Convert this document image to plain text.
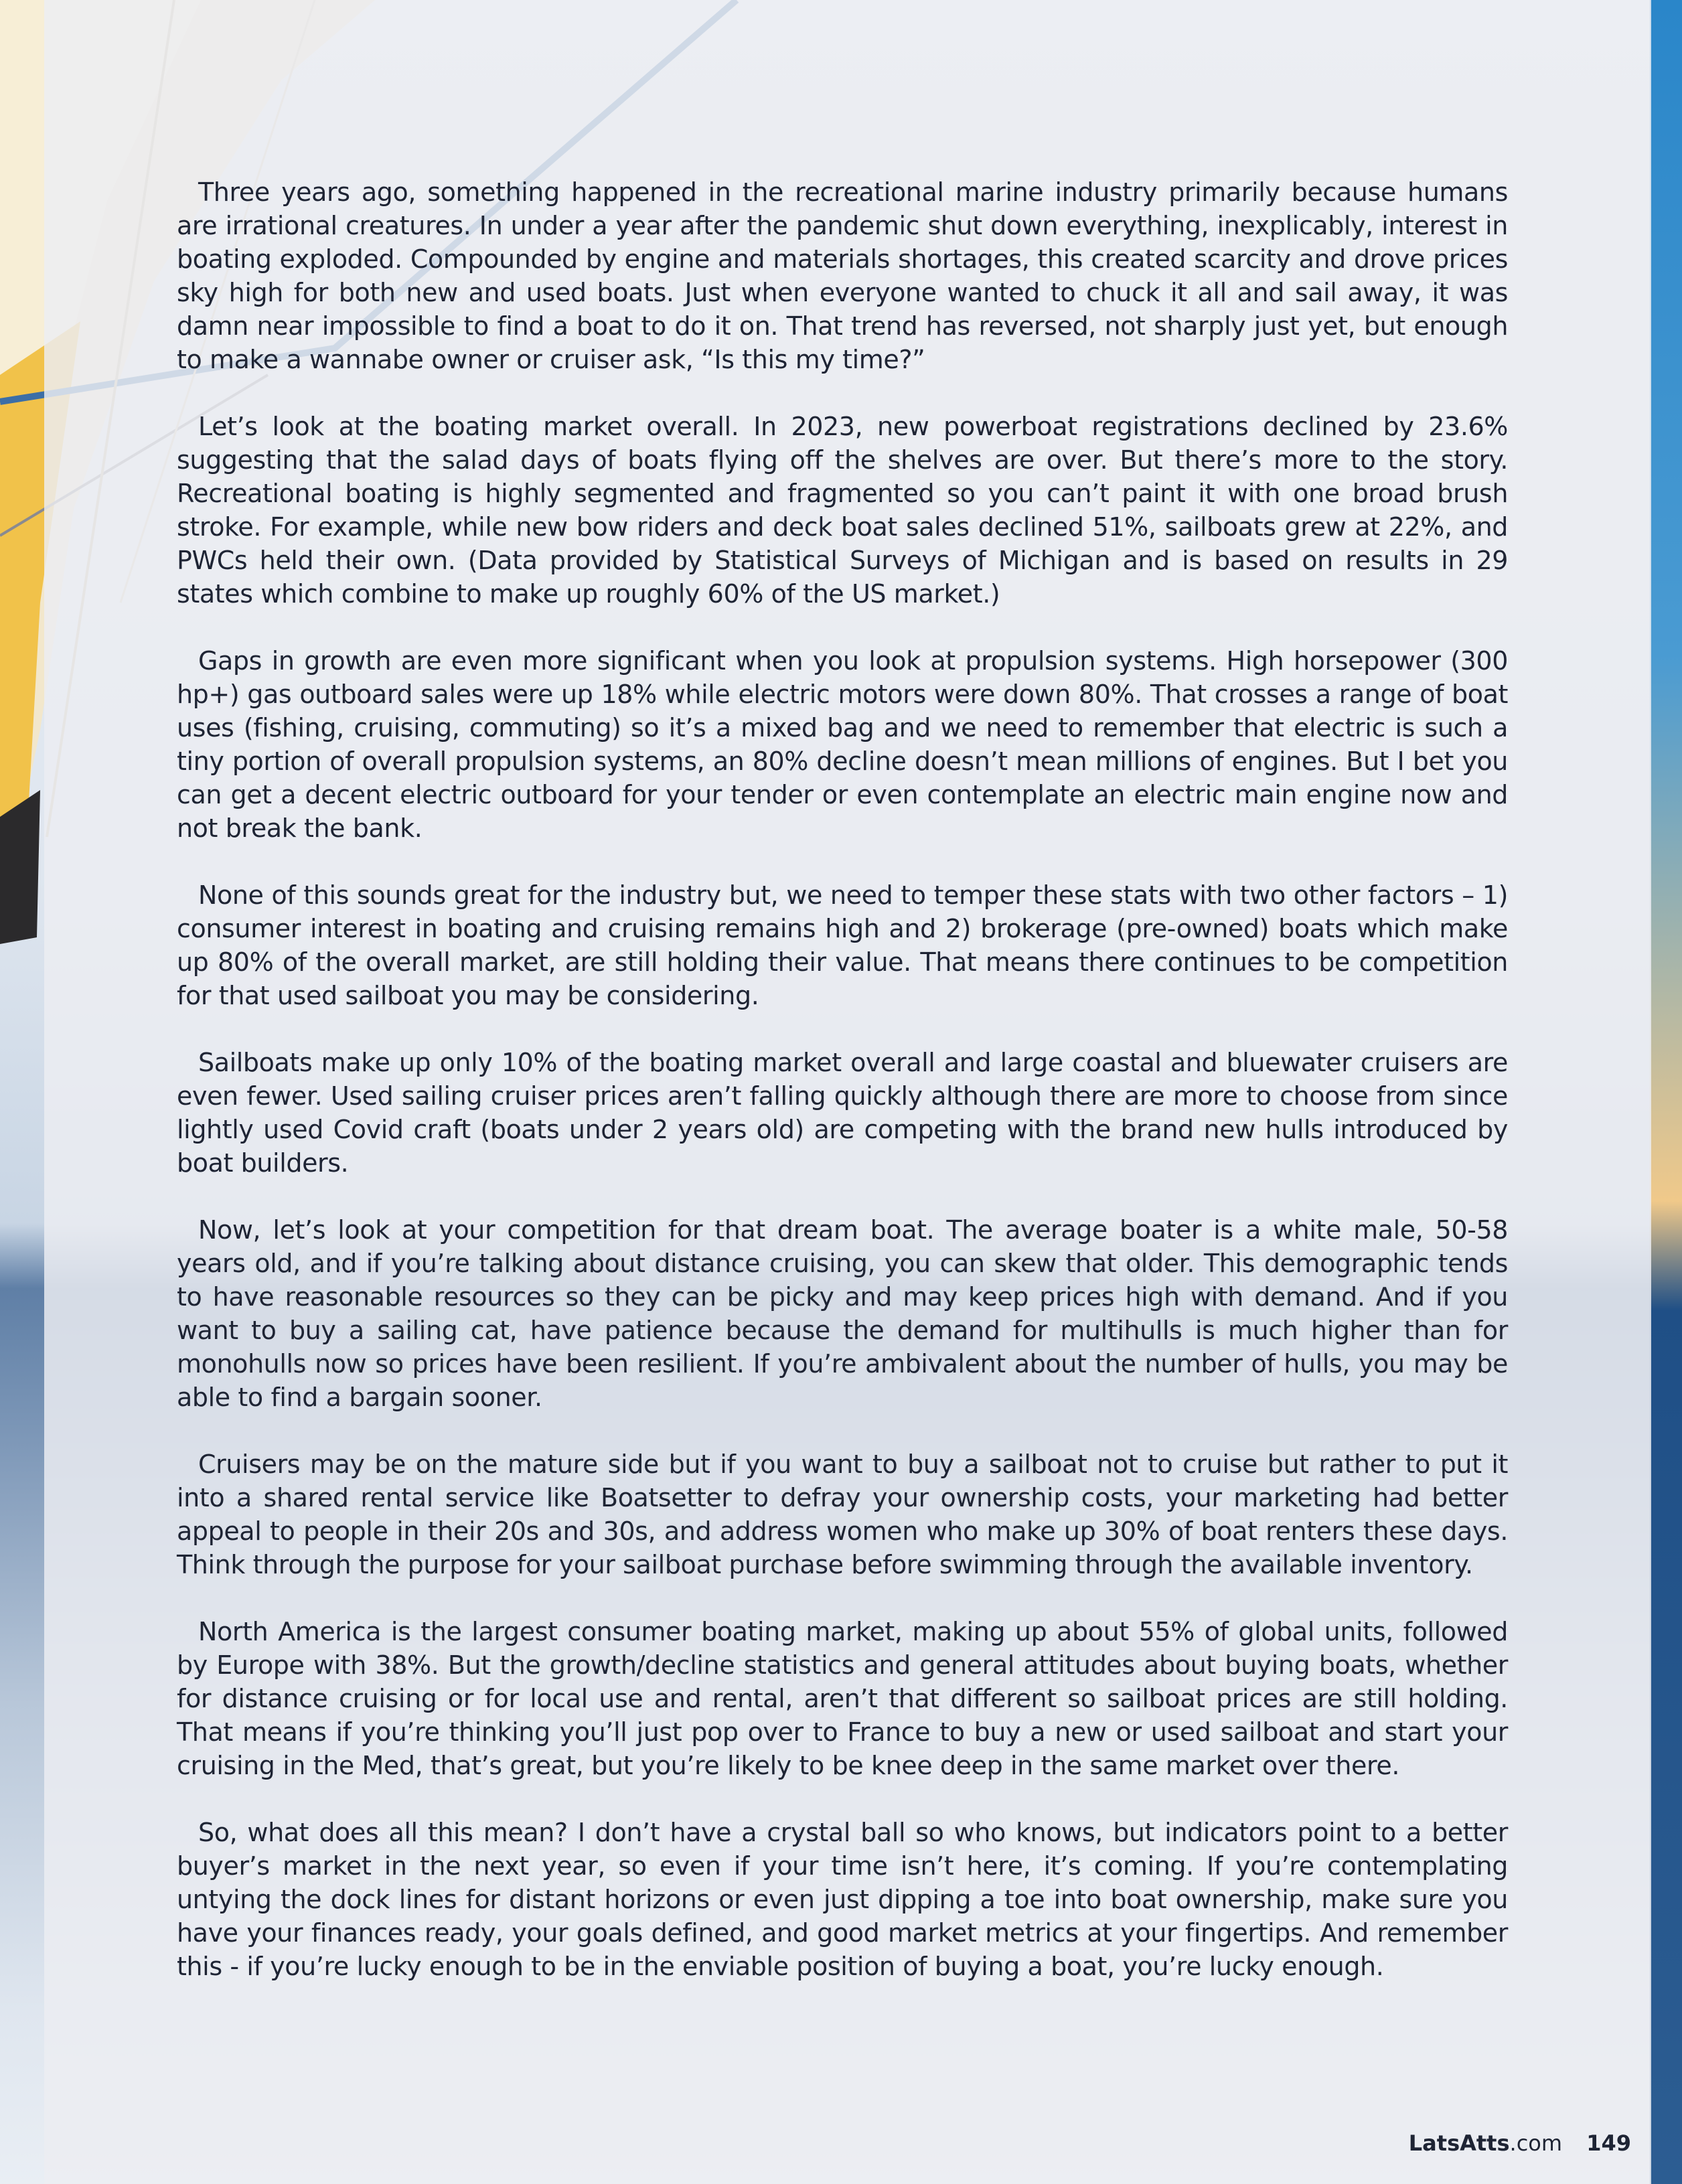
Three years ago, something happened in the recreational marine industry primarily because humans are irrational creatures. In under a year after the pandemic shut down everything, inexplicably, interest in boating exploded. Compounded by engine and materials shortages, this created scarcity and drove prices sky high for both new and used boats. Just when everyone wanted to chuck it all and sail away, it was damn near impossible to find a boat to do it on. That trend has reversed, not sharply just yet, but enough to make a wannabe owner or cruiser ask, “Is this my time?”

Let’s look at the boating market overall. In 2023, new powerboat registrations declined by 23.6% suggesting that the salad days of boats flying off the shelves are over. But there’s more to the story. Recreational boating is highly segmented and fragmented so you can’t paint it with one broad brush stroke. For example, while new bow riders and deck boat sales declined 51%, sailboats grew at 22%, and PWCs held their own. (Data provided by Statistical Surveys of Michigan and is based on results in 29 states which combine to make up roughly 60% of the US market.)

Gaps in growth are even more significant when you look at propulsion systems. High horsepower (300 hp+) gas outboard sales were up 18% while electric motors were down 80%. That crosses a range of boat uses (fishing, cruising, commuting) so it’s a mixed bag and we need to remember that electric is such a tiny portion of overall propulsion systems, an 80% decline doesn’t mean millions of engines. But I bet you can get a decent electric outboard for your tender or even contemplate an electric main engine now and not break the bank.

None of this sounds great for the industry but, we need to temper these stats with two other factors – 1) consumer interest in boating and cruising remains high and 2) brokerage (pre-owned) boats which make up 80% of the overall market, are still holding their value. That means there continues to be competition for that used sailboat you may be considering.

Sailboats make up only 10% of the boating market overall and large coastal and bluewater cruisers are even fewer. Used sailing cruiser prices aren’t falling quickly although there are more to choose from since lightly used Covid craft (boats under 2 years old) are competing with the brand new hulls introduced by boat builders.

Now, let’s look at your competition for that dream boat. The average boater is a white male, 50-58 years old, and if you’re talking about distance cruising, you can skew that older. This demographic tends to have reasonable resources so they can be picky and may keep prices high with demand. And if you want to buy a sailing cat, have patience because the demand for multihulls is much higher than for monohulls now so prices have been resilient. If you’re ambivalent about the number of hulls, you may be able to find a bargain sooner.

Cruisers may be on the mature side but if you want to buy a sailboat not to cruise but rather to put it into a shared rental service like Boatsetter to defray your ownership costs, your marketing had better appeal to people in their 20s and 30s, and address women who make up 30% of boat renters these days. Think through the purpose for your sailboat purchase before swimming through the available inventory.

North America is the largest consumer boating market, making up about 55% of global units, followed by Europe with 38%. But the growth/decline statistics and general attitudes about buying boats, whether for distance cruising or for local use and rental, aren’t that different so sailboat prices are still holding. That means if you’re thinking you’ll just pop over to France to buy a new or used sailboat and start your cruising in the Med, that’s great, but you’re likely to be knee deep in the same market over there.

So, what does all this mean? I don’t have a crystal ball so who knows, but indicators point to a better buyer’s market in the next year, so even if your time isn’t here, it’s coming. If you’re contemplating untying the dock lines for distant horizons or even just dipping a toe into boat ownership, make sure you have your finances ready, your goals defined, and good market metrics at your fingertips. And remember this - if you’re lucky enough to be in the enviable position of buying a boat, you’re lucky enough.

LatsAtts.com 149
